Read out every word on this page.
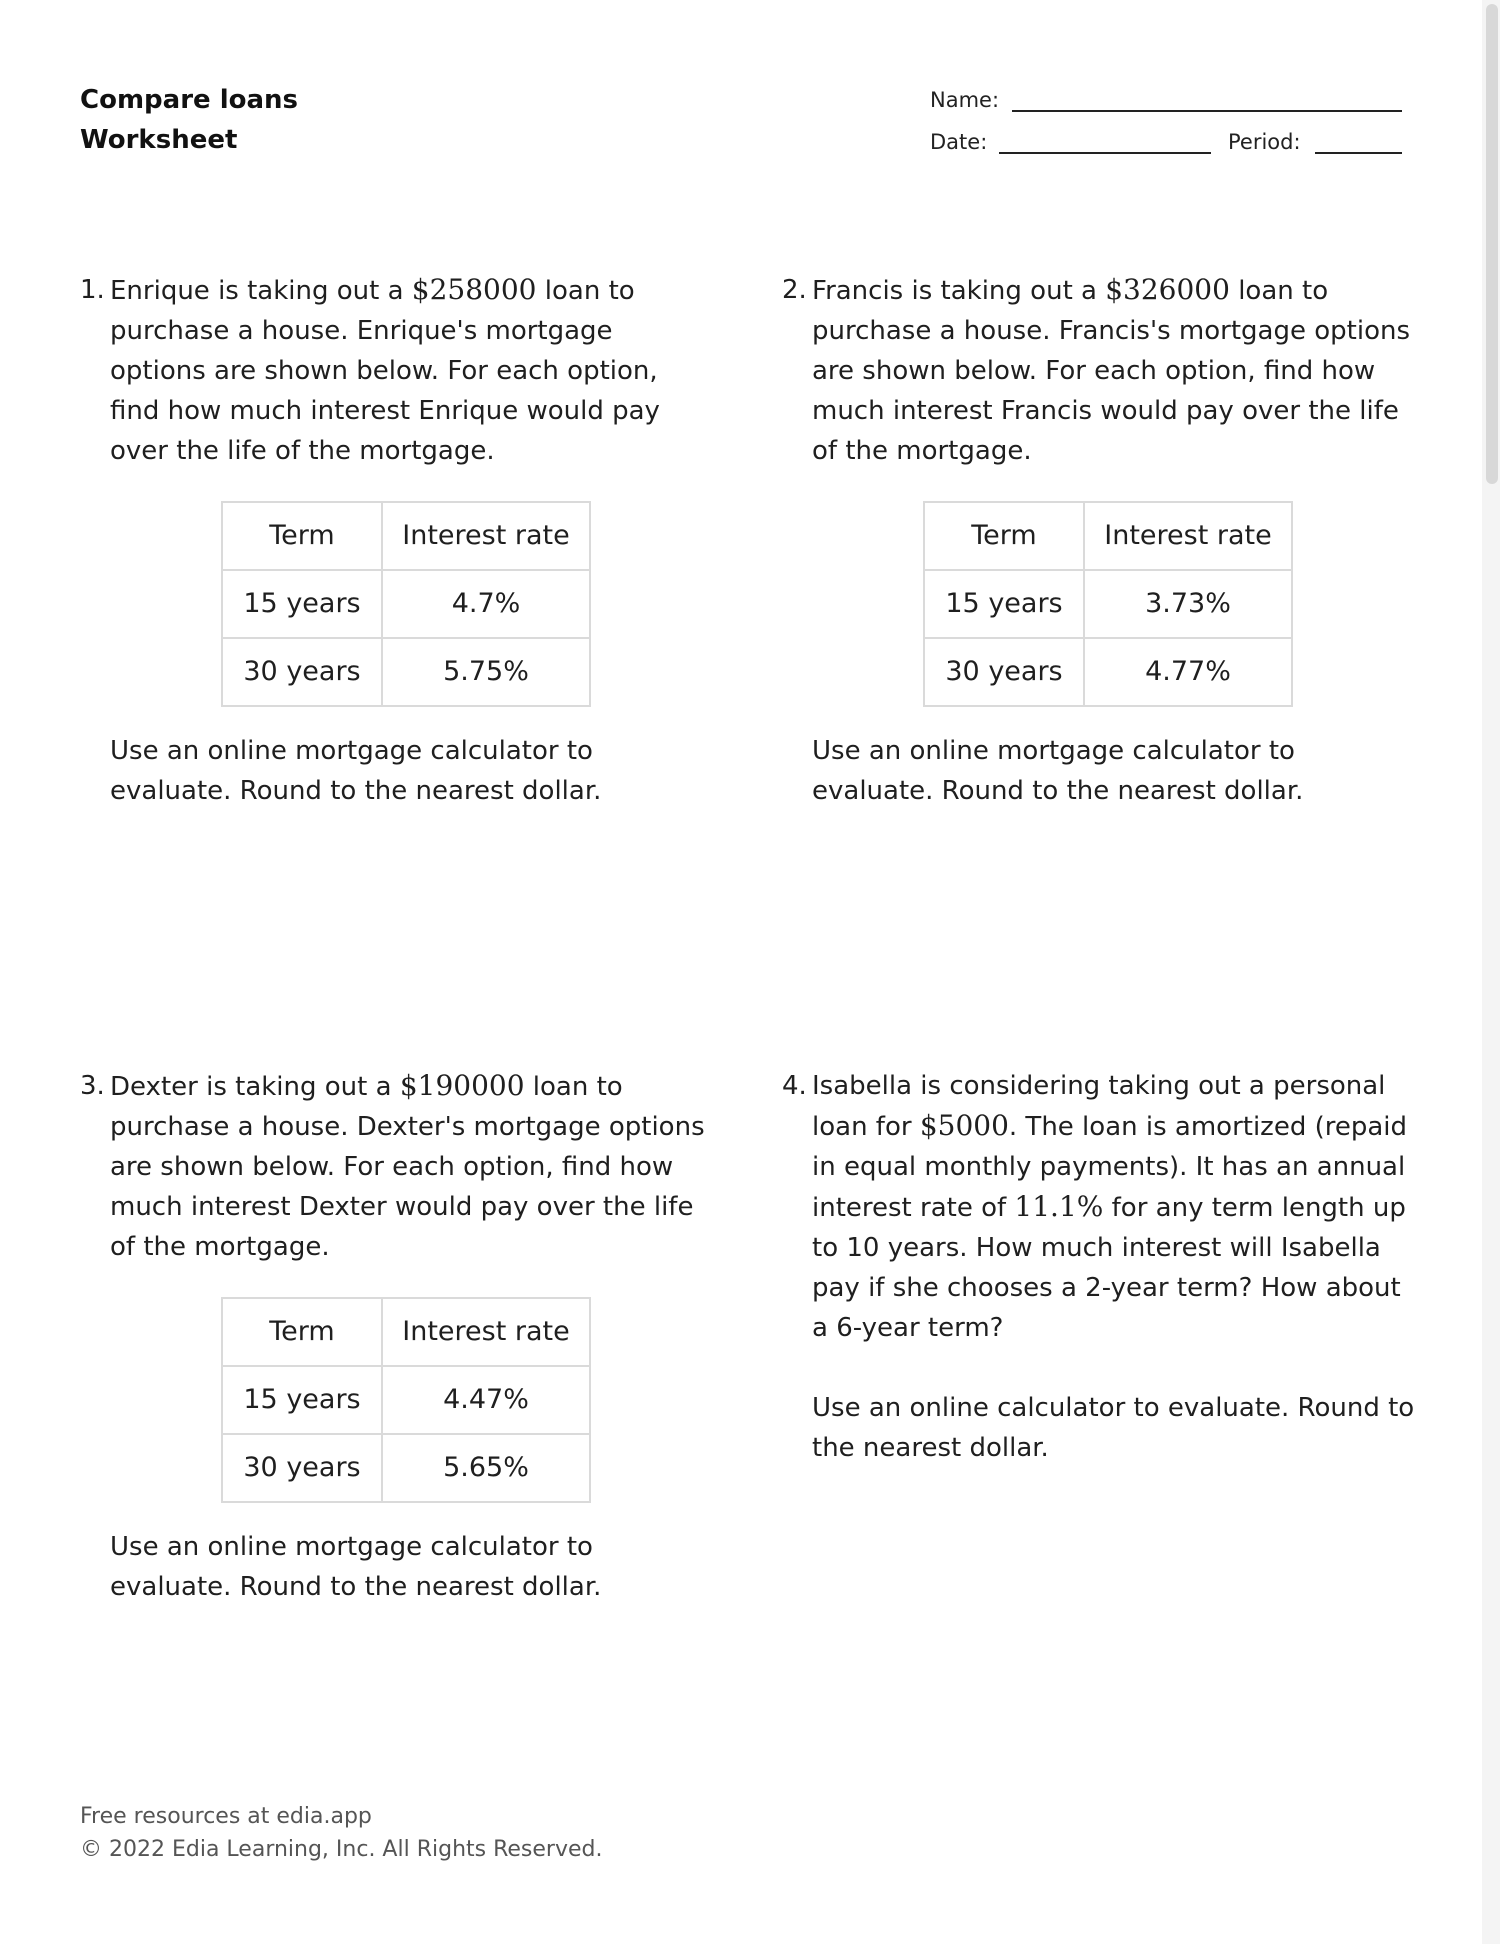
Compare loans
Worksheet
Name:
Date:	Period:
1. Enrique is taking out a $258000 loan to purchase a house. Enrique's mortgage options are shown below. For each option, find how much interest Enrique would pay over the life of the mortgage.
Term	Interest rate
15 years	4.7%
30 years	5.75%
Use an online mortgage calculator to evaluate. Round to the nearest dollar.
2. Francis is taking out a $326000 loan to purchase a house. Francis's mortgage options are shown below. For each option, find how much interest Francis would pay over the life of the mortgage.
Term	Interest rate
15 years	3.73%
30 years	4.77%
Use an online mortgage calculator to evaluate. Round to the nearest dollar.
3. Dexter is taking out a $190000 loan to purchase a house. Dexter's mortgage options are shown below. For each option, find how much interest Dexter would pay over the life of the mortgage.
Term	Interest rate
15 years	4.47%
30 years	5.65%
Use an online mortgage calculator to evaluate. Round to the nearest dollar.
4. Isabella is considering taking out a personal loan for $5000. The loan is amortized (repaid in equal monthly payments). It has an annual interest rate of 11.1% for any term length up to 10 years. How much interest will Isabella pay if she chooses a 2-year term? How about a 6-year term?
Use an online calculator to evaluate. Round to the nearest dollar.
Free resources at edia.app
© 2022 Edia Learning, Inc. All Rights Reserved.
